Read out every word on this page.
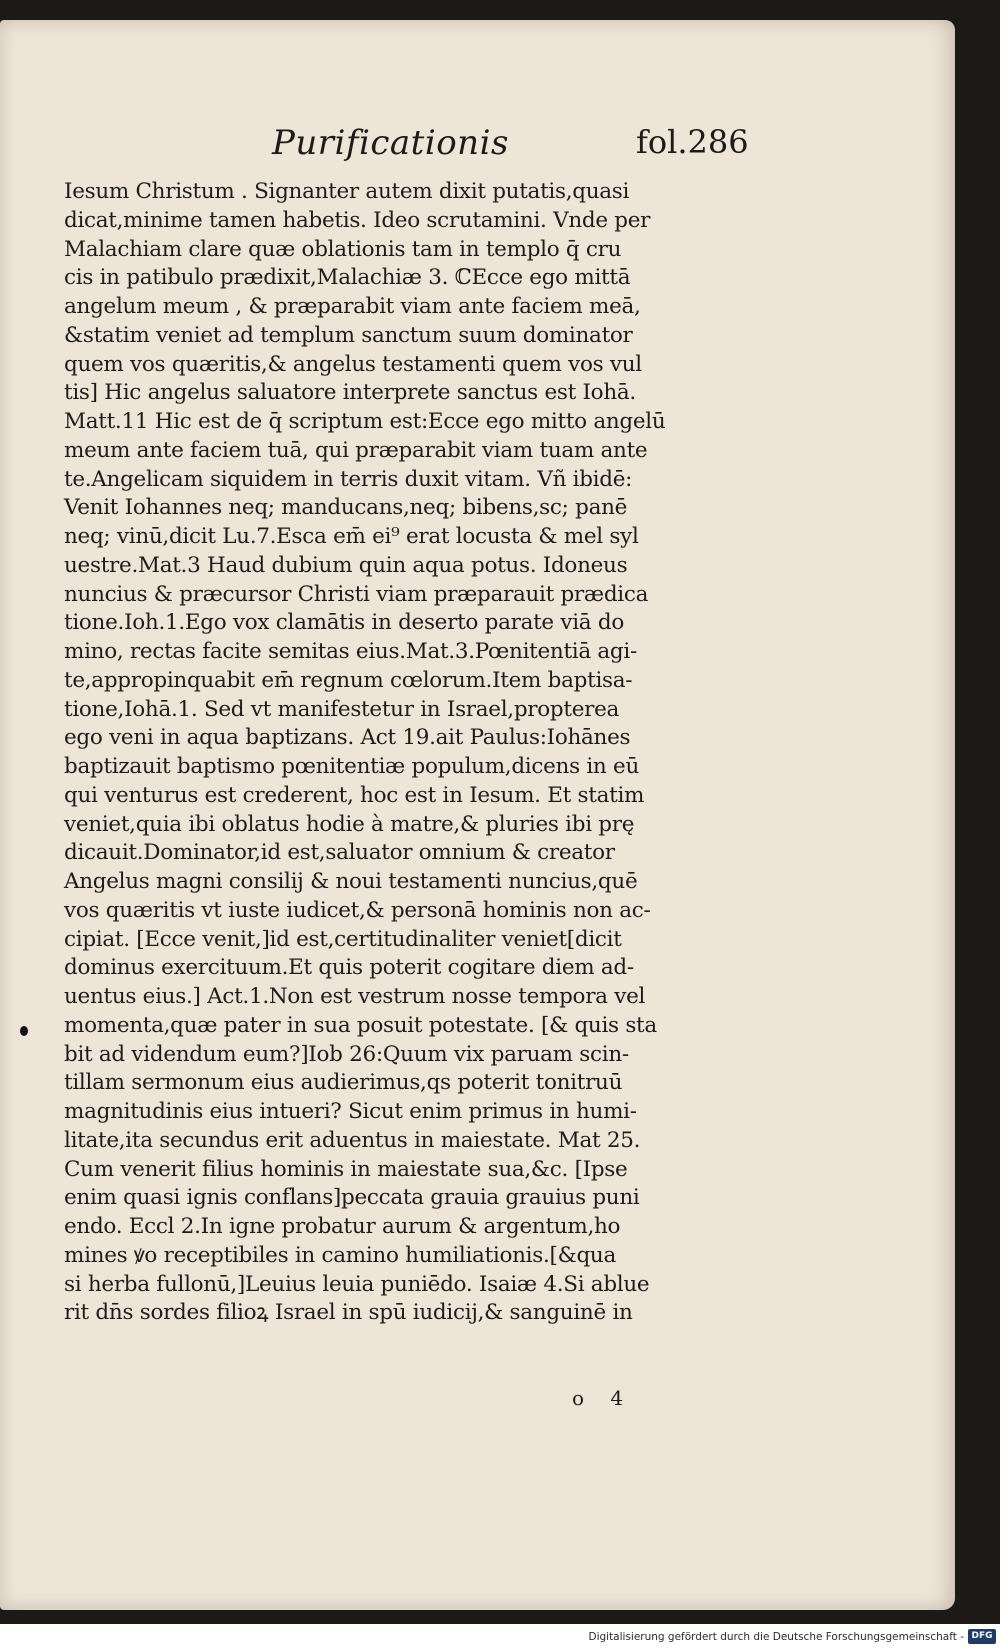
Purificationis	fol.286
Iesum Christum . Signanter autem dixit putatis,quasi
dicat,minime tamen habetis. Ideo scrutamini. Vnde per
Malachiam clare quæ oblationis tam in templo q̄ cru
cis in patibulo prædixit,Malachiæ 3. ℂEcce ego mittā
angelum meum , & præparabit viam ante faciem meā,
&statim veniet ad templum sanctum suum dominator
quem vos quæritis,& angelus testamenti quem vos vul
tis] Hic angelus saluatore interprete sanctus est Iohā.
Matt.11 Hic est de q̄ scriptum est:Ecce ego mitto angelū
meum ante faciem tuā, qui præparabit viam tuam ante
te.Angelicam siquidem in terris duxit vitam. Vñ ibidē:
Venit Iohannes neq; manducans,neq; bibens,sc; panē
neq; vinū,dicit Lu.7.Esca em̄ ei⁹ erat locusta & mel syl
uestre.Mat.3 Haud dubium quin aqua potus. Idoneus
nuncius & præcursor Christi viam præparauit prædica
tione.Ioh.1.Ego vox clamātis in deserto parate viā do
mino, rectas facite semitas eius.Mat.3.Pœnitentiā agi-
te,appropinquabit em̄ regnum cœlorum.Item baptisa-
tione,Iohā.1. Sed vt manifestetur in Israel,propterea
ego veni in aqua baptizans. Act 19.ait Paulus:Iohānes
baptizauit baptismo pœnitentiæ populum,dicens in eū
qui venturus est crederent, hoc est in Iesum. Et statim
veniet,quia ibi oblatus hodie à matre,& pluries ibi prę
dicauit.Dominator,id est,saluator omnium & creator
Angelus magni consilij & noui testamenti nuncius,quē
vos quæritis vt iuste iudicet,& personā hominis non ac-
cipiat. [Ecce venit,]id est,certitudinaliter veniet[dicit
dominus exercituum.Et quis poterit cogitare diem ad-
uentus eius.] Act.1.Non est vestrum nosse tempora vel
momenta,quæ pater in sua posuit potestate. [& quis sta
bit ad videndum eum?]Iob 26:Quum vix paruam scin-
tillam sermonum eius audierimus,qs poterit tonitruū
magnitudinis eius intueri? Sicut enim primus in humi-
litate,ita secundus erit aduentus in maiestate. Mat 25.
Cum venerit filius hominis in maiestate sua,&c. [Ipse
enim quasi ignis conflans]peccata grauia grauius puni
endo. Eccl 2.In igne probatur aurum & argentum,ho
mines ꝟo receptibiles in camino humiliationis.[&qua
si herba fullonū,]Leuius leuia puniēdo. Isaiæ 4.Si ablue
rit dn̄s sordes filioꝝ Israel in spū iudicij,& sanguinē in
o 4
Digitalisierung gefördert durch die Deutsche Forschungsgemeinschaft - DFG
